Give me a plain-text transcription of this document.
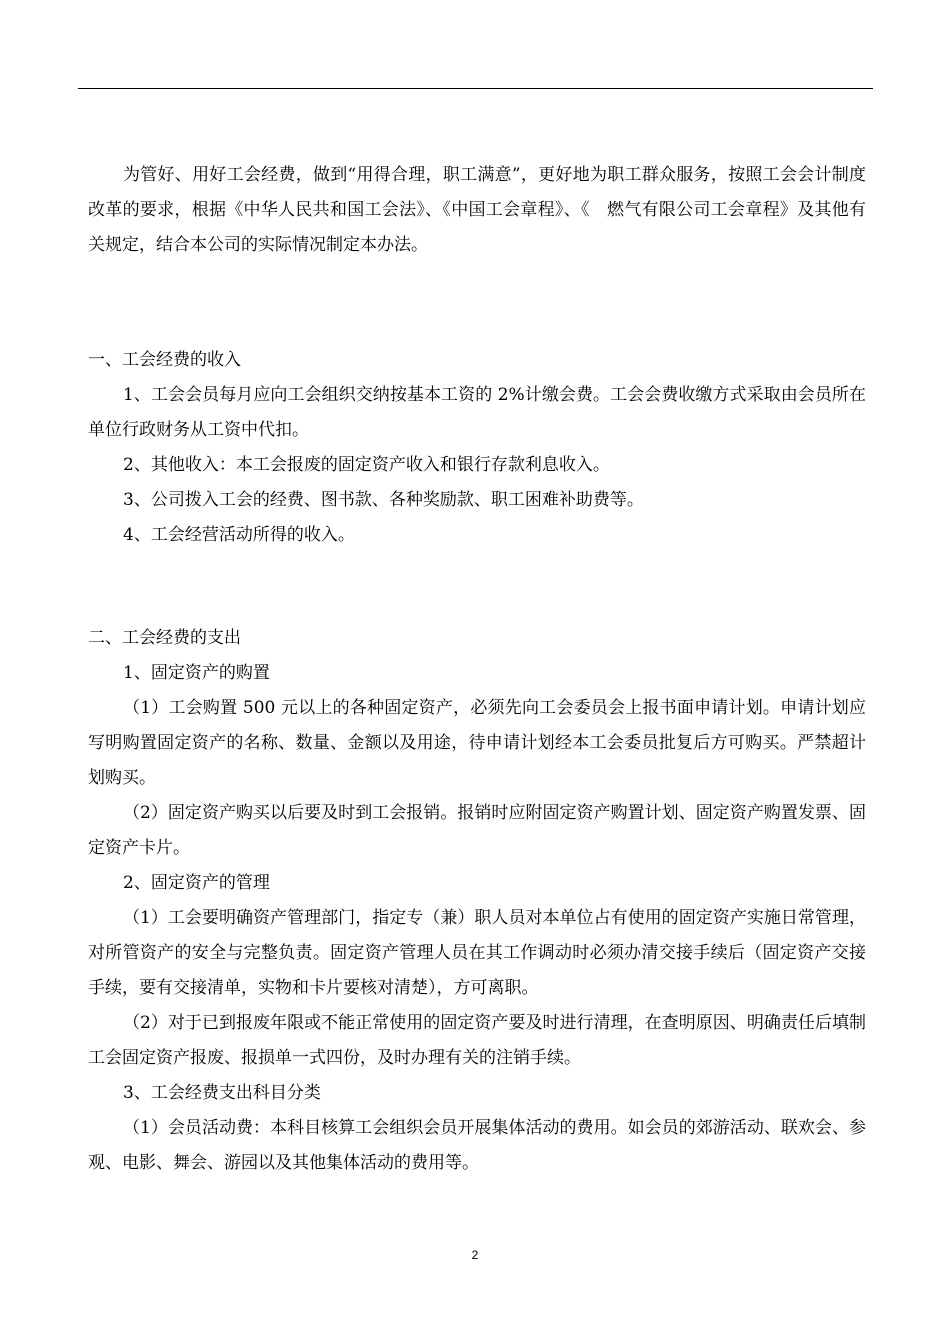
为管好、用好工会经费，做到“用得合理，职工满意”，更好地为职工群众服务，按照工会会计制度改革的要求，根据《中华人民共和国工会法》、《中国工会章程》、《　燃气有限公司工会章程》及其他有关规定，结合本公司的实际情况制定本办法。

一、工会经费的收入

1、工会会员每月应向工会组织交纳按基本工资的 2%计缴会费。工会会费收缴方式采取由会员所在单位行政财务从工资中代扣。

2、其他收入：本工会报废的固定资产收入和银行存款利息收入。

3、公司拨入工会的经费、图书款、各种奖励款、职工困难补助费等。

4、工会经营活动所得的收入。

二、工会经费的支出

1、固定资产的购置

（1）工会购置 500 元以上的各种固定资产，必须先向工会委员会上报书面申请计划。申请计划应写明购置固定资产的名称、数量、金额以及用途，待申请计划经本工会委员批复后方可购买。严禁超计划购买。

（2）固定资产购买以后要及时到工会报销。报销时应附固定资产购置计划、固定资产购置发票、固定资产卡片。

2、固定资产的管理

（1）工会要明确资产管理部门，指定专（兼）职人员对本单位占有使用的固定资产实施日常管理，对所管资产的安全与完整负责。固定资产管理人员在其工作调动时必须办清交接手续后（固定资产交接手续，要有交接清单，实物和卡片要核对清楚），方可离职。

（2）对于已到报废年限或不能正常使用的固定资产要及时进行清理，在查明原因、明确责任后填制工会固定资产报废、报损单一式四份，及时办理有关的注销手续。

3、工会经费支出科目分类

（1）会员活动费：本科目核算工会组织会员开展集体活动的费用。如会员的郊游活动、联欢会、参观、电影、舞会、游园以及其他集体活动的费用等。

2
